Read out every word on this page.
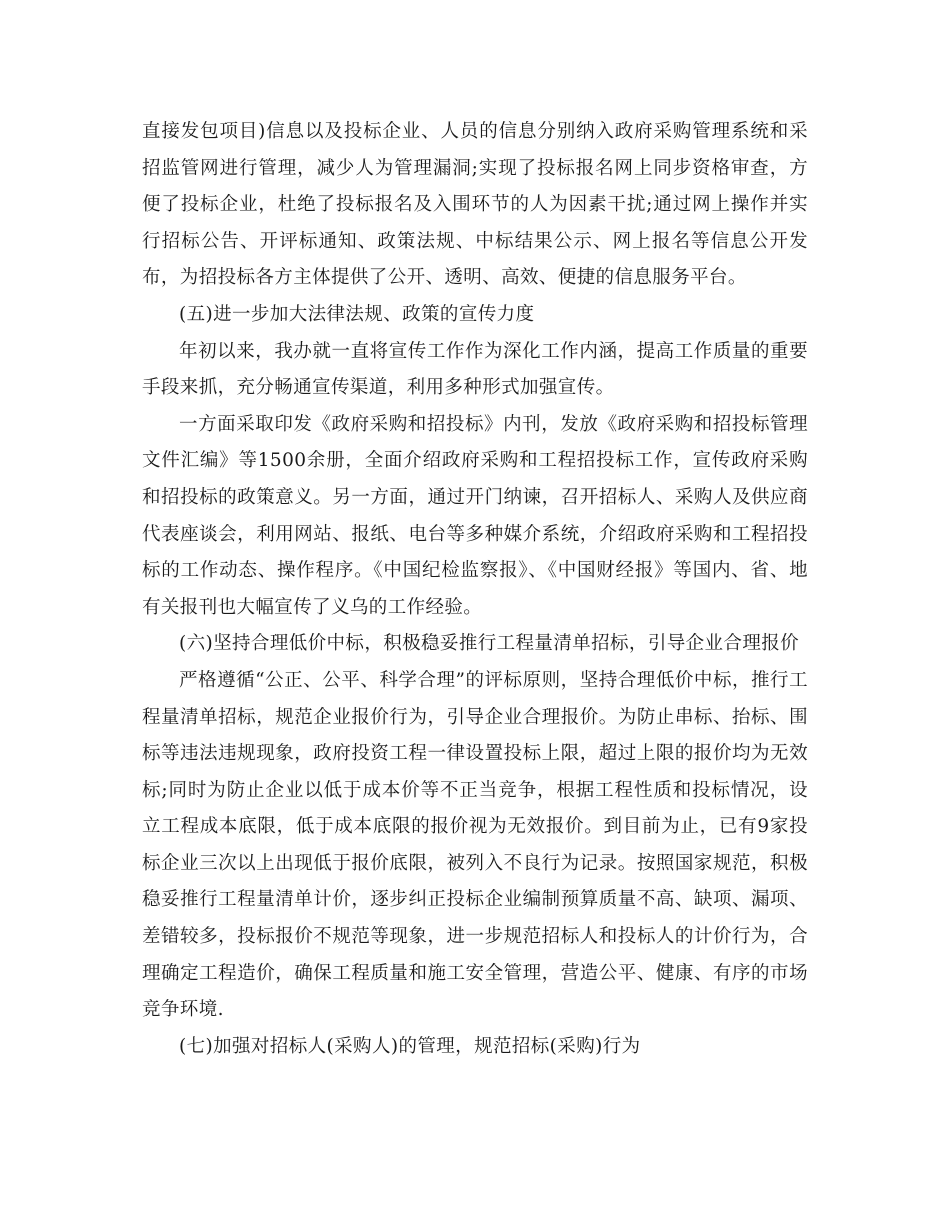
直接发包项目)信息以及投标企业、人员的信息分别纳入政府采购管理系统和采招监管网进行管理，减少人为管理漏洞;实现了投标报名网上同步资格审查，方便了投标企业，杜绝了投标报名及入围环节的人为因素干扰;通过网上操作并实行招标公告、开评标通知、政策法规、中标结果公示、网上报名等信息公开发布，为招投标各方主体提供了公开、透明、高效、便捷的信息服务平台。

(五)进一步加大法律法规、政策的宣传力度

年初以来，我办就一直将宣传工作作为深化工作内涵，提高工作质量的重要手段来抓，充分畅通宣传渠道，利用多种形式加强宣传。

一方面采取印发《政府采购和招投标》内刊，发放《政府采购和招投标管理文件汇编》等1500余册，全面介绍政府采购和工程招投标工作，宣传政府采购和招投标的政策意义。另一方面，通过开门纳谏，召开招标人、采购人及供应商代表座谈会，利用网站、报纸、电台等多种媒介系统，介绍政府采购和工程招投标的工作动态、操作程序。《中国纪检监察报》、《中国财经报》等国内、省、地有关报刊也大幅宣传了义乌的工作经验。

(六)坚持合理低价中标，积极稳妥推行工程量清单招标，引导企业合理报价

严格遵循“公正、公平、科学合理”的评标原则，坚持合理低价中标，推行工程量清单招标，规范企业报价行为，引导企业合理报价。为防止串标、抬标、围标等违法违规现象，政府投资工程一律设置投标上限，超过上限的报价均为无效标;同时为防止企业以低于成本价等不正当竞争，根据工程性质和投标情况，设立工程成本底限，低于成本底限的报价视为无效报价。到目前为止，已有9家投标企业三次以上出现低于报价底限，被列入不良行为记录。按照国家规范，积极稳妥推行工程量清单计价，逐步纠正投标企业编制预算质量不高、缺项、漏项、差错较多，投标报价不规范等现象，进一步规范招标人和投标人的计价行为，合理确定工程造价，确保工程质量和施工安全管理，营造公平、健康、有序的市场竞争环境.

(七)加强对招标人(采购人)的管理，规范招标(采购)行为
